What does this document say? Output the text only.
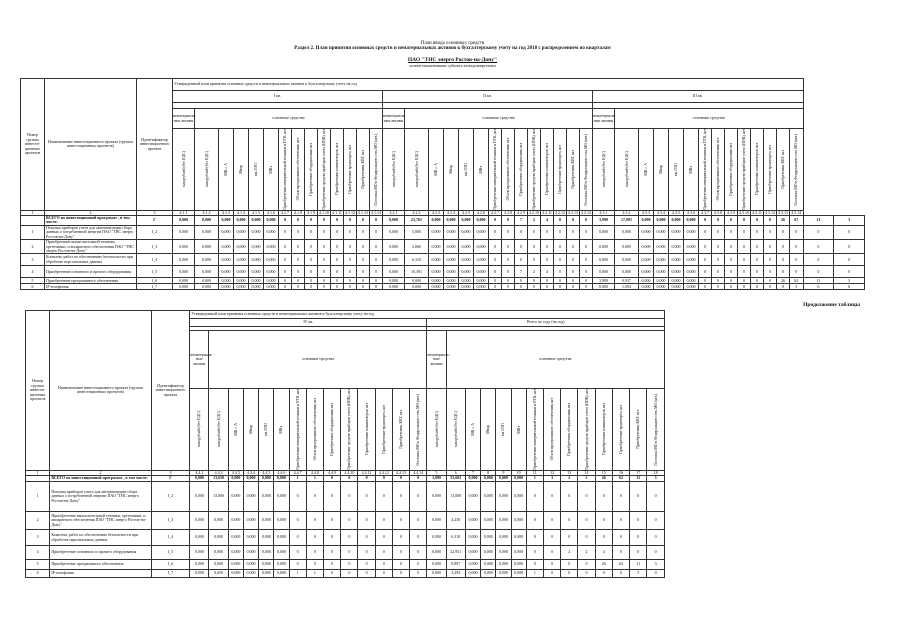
План ввода основных средств
Раздел 2. План принятия основных средств и нематериальных активов к бухгалтерскому учету на год 2018 с распределением по кварталам
ПАО "ТНС энерго Ростов-на-Дону"
полное наименование субъекта электроэнергетики
Номер группы инвести-ционных проектов	Наименование инвестиционного проекта (группы инвестиционных проектов)	Идентификатор инвестиционного проекта	Утвержденный план принятия основных средств и нематериальных активов к бухгалтерскому учету на год																																											
			I кв.														II кв.														III кв.															

			нематериаль-ные активы	основные средства													нематериаль-ные активы	основные средства													нематериаль-ные активы	основные средства														

			млн рублей (без НДС)	млн рублей (без НДС)	МВ×А	Мвар	км ЛЭП	МВт	Приобретение измерительной техники и ПТК, шт	Объем программного обеспечения, шт	Приобретение оборудования, шт	Приобретение средств приборов учета (ИИК), шт	Приобретение компьютеров, шт	Приобретение транспорта, шт	Приобретения, КВТ, шт	Поставка МО в Федеральную сеть МО (шт.)	млн рублей (без НДС)	млн рублей (без НДС)	МВ×А	Мвар	км ЛЭП	МВт	Приобретение измерительной техники и ПТК, шт	Объем программного обеспечения, шт	Приобретение оборудования, шт	Приобретение средств приборов учета (ИИК), шт	Приобретение компьютеров, шт	Приобретение транспорта, шт	Приобретения, КВТ, шт	Поставка МО в Федеральную сеть МО (шт.)	млн рублей (без НДС)	млн рублей (без НДС)	МВ×А	Мвар	км ЛЭП	МВт	Приобретение измерительной техники и ПТК, шт	Объем программного обеспечения, шт	Приобретение оборудования, шт	Приобретение средств приборов учета (ИИК), шт	Приобретение компьютеров, шт	Приобретение транспорта, шт	Приобретения, КВТ, шт	Поставка МО в Федеральную сеть МО (шт.)		

1	2	3	4.1.1	4.1.2	4.1.3	4.1.4	4.1.5	4.1.6	4.1.7	4.1.8	4.1.9	4.1.10	4.1.11	4.1.12	4.1.13	4.1.14	4.2.1	4.2.2	4.2.3	4.2.4	4.2.5	4.2.6	4.2.7	4.2.8	4.2.9	4.2.10	4.2.11	4.2.12	4.2.13	4.2.14	4.3.1	4.3.2	4.3.3	4.3.4	4.3.5	4.3.6	4.3.7	4.3.8	4.3.9	4.3.10	4.3.11	4.3.12	4.3.13	4.3.14		
	ВСЕГО по инвестиционной программе , в том числе:	Г	0,000	0,000	0,000	0,000	0,000	0,000	0	0	0	0	0	0	0	0	0,000	23,761	0,000	0,000	0,000	0,000	0	0	7	2	4	0	0	0	3,990	17,091	0,000	0,000	0,000	0,000	0	0	0	0	0	0	26	67	11	3
1	Покупка приборов учета для автоматизации сбора данных о потребленной энергии ПАО "ТНС энерго Ростов-на-Дону"	I_2	0,000	0,000	0,000	0,000	0,000	0,000	0	0	0	0	0	0	0	0	0,000	5,000	0,000	0,000	0,000	0,000	0	0	0	0	0	0	0	0	0,000	0,000	0,000	0,000	0,000	0,000	0	0	0	0	0	0	0	0	0	0
2	Приобретение вычислительной техники, оргтехники, и аппаратного обеспечения ПАО "ТНС энерго Ростов-на-Дону"	I_3	0,000	0,000	0,000	0,000	0,000	0,000	0	0	0	0	0	0	0	0	0,000	2,060	0,000	0,000	0,000	0,000	0	0	0	0	0	0	0	0	0,000	0,000	0,000	0,000	0,000	0,000	0	0	0	0	0	0	0	0	0	0
3	Комплекс работ по обеспечению безопасности при обработке персональных данных	I_4	0,000	0,000	0,000	0,000	0,000	0,000	0	0	0	0	0	0	0	0	0,000	6,310	0,000	0,000	0,000	0,000	0	0	0	0	0	0	0	0	0,000	0,000	0,000	0,000	0,000	0,000	0	0	0	0	0	0	0	0	0	0
4	Приобретение основного и прочего оборудования	I_5	0,000	0,000	0,000	0,000	0,000	0,000	0	0	0	0	0	0	0	0	0,000	10,391	0,000	0,000	0,000	0,000	0	0	7	2	4	0	0	0	0,000	0,000	0,000	0,000	0,000	0,000	0	0	0	0	0	0	0	0	0	0
5	Приобретение программного обеспечения	I_6	0,000	0,000	0,000	0,000	0,000	0,000	0	0	0	0	0	0	0	0	0,000	0,000	0,000	0,000	0,000	0,000	0	0	0	0	0	0	0	0	3,990	0,937	0,000	0,000	0,000	0,000	0	0	0	0	0	0	26	62	11	3
6	IP телефония	I_7	0,000	0,000	0,000	0,000	0,000	0,000	0	0	0	0	0	0	0	0	0,000	0,000	0,000	0,000	0,000	0,000	0	0	0	0	0	0	0	0	0,000	1,094	0,000	0,000	0,000	0,000	0	0	0	0	0	0	0	5	0	0
Продолжение таблицы
Номер группы инвести-ционных проектов	Наименование инвестиционного проекта (группы инвестиционных проектов)	Идентификатор инвестиционного проекта	Утвержденный план принятия основных средств и нематериальных активов к бухгалтерскому учету на год																											
			IV кв.														Всего по году (на год)													

			нематериаль-ные активы	основные средства													нематериаль-ные активы	основные средства												

			млн рублей (без НДС)	млн рублей (без НДС)	МВ×А	Мвар	км ЛЭП	МВт	Приобретение измерительной техники и ПТК, шт	Объем программного обеспечения, шт	Приобретение оборудования, шт	Приобретение средств приборов учета (ИИК), шт	Приобретение компьютеров, шт	Приобретение транспорта, шт	Приобретения, КВТ, шт	Поставка МО в Федеральную сеть МО (шт.)	млн рублей (без НДС)	млн рублей (без НДС)	МВ×А	Мвар	км ЛЭП	МВт	Приобретение измерительной техники и ПТК, шт	Объем программного обеспечения, шт	Приобретение оборудования, шт	Приобретение средств приборов учета (ИИК), шт	Приобретение компьютеров, шт	Приобретение транспорта, шт	Приобретения, КВТ, шт	Поставка МО в Федеральную сеть МО (шт.)

1	2	3	4.4.1	4.4.2	4.4.3	4.4.4	4.4.5	4.4.6	4.4.7	4.4.8	4.4.9	4.4.10	4.4.11	4.4.12	4.4.13	4.4.14	5	6	7	8	9	10	11	12	13	14	15	16	17	18
	ВСЕГО по инвестиционной программе , в том числе:	Г	0,000	13,650	0,000	0,000	0,000	0,000	1	1	0	0	0	0	0	0	3,990	55,602	0,000	0,000	0,000	0,000	1	3	2	2	26	62	11	3
1	Покупка приборов учета для автоматизации сбора данных о потребленной энергии ПАО "ТНС энерго Ростов-на-Дону"	I_2	0,000	13,000	0,000	0,000	0,000	0,000	0	0	0	0	0	0	0	0	0,000	13,000	0,000	0,000	0,000	0,000	0	0	0	0	0	0	0	0
2	Приобретение вычислительной техники, оргтехники, и аппаратного обеспечения ПАО "ТНС энерго Ростов-на-Дону"	I_3	0,000	0,000	0,000	0,000	0,000	0,000	0	0	0	0	0	0	0	0	0,000	4,230	0,000	0,000	0,000	0,000	0	0	0	0	0	0	0	0
3	Комплекс работ по обеспечению безопасности при обработке персональных данных	I_4	0,000	0,000	0,000	0,000	0,000	0,000	0	0	0	0	0	0	0	0	0,000	6,310	0,000	0,000	0,000	0,000	0	0	0	0	0	0	0	0
4	Приобретение основного и прочего оборудования	I_5	0,000	0,000	0,000	0,000	0,000	0,000	0	0	0	0	0	0	0	0	0,000	22,951	0,000	0,000	0,000	0,000	0	0	2	2	4	0	0	0
5	Приобретение программного обеспечения	I_6	0,000	0,000	0,000	0,000	0,000	0,000	0	0	0	0	0	0	0	0	0,000	8,897	0,000	0,000	0,000	0,000	0	0	0	0	26	62	11	3
6	IP телефония	I_7	0,000	0,650	0,000	0,000	0,000	0,000	1	1	0	0	0	0	0	0	0,000	3,294	0,000	0,000	0,000	0,000	1	0	0	0	0	0	5	0
